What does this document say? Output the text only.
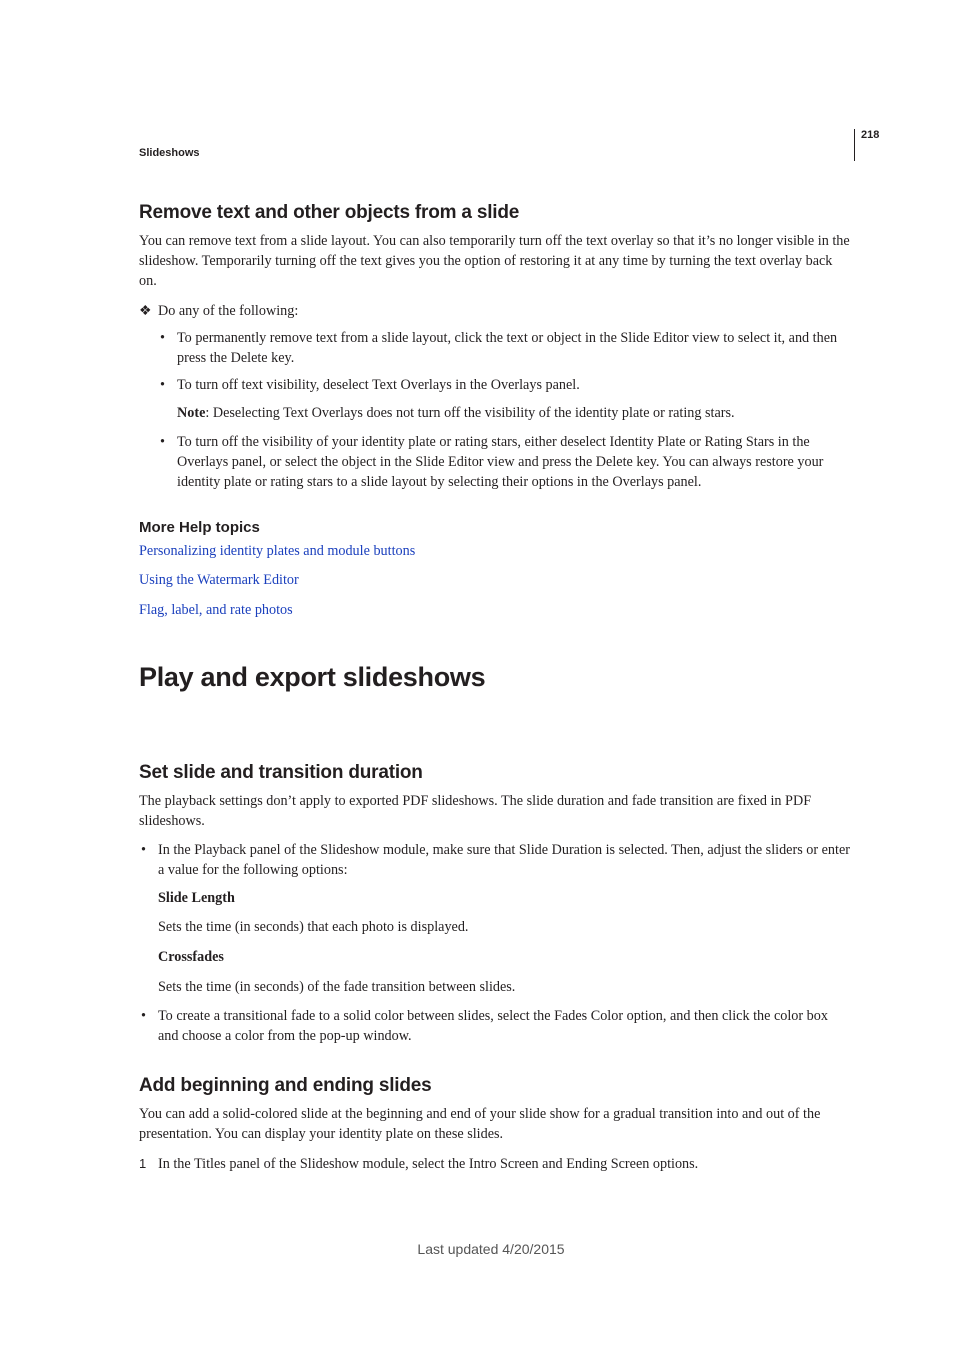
218
Slideshows
Remove text and other objects from a slide
You can remove text from a slide layout. You can also temporarily turn off the text overlay so that it’s no longer visible in the slideshow. Temporarily turning off the text gives you the option of restoring it at any time by turning the text overlay back on.
❖ Do any of the following:
• To permanently remove text from a slide layout, click the text or object in the Slide Editor view to select it, and then press the Delete key.
• To turn off text visibility, deselect Text Overlays in the Overlays panel.
Note: Deselecting Text Overlays does not turn off the visibility of the identity plate or rating stars.
• To turn off the visibility of your identity plate or rating stars, either deselect Identity Plate or Rating Stars in the Overlays panel, or select the object in the Slide Editor view and press the Delete key. You can always restore your identity plate or rating stars to a slide layout by selecting their options in the Overlays panel.
More Help topics
Personalizing identity plates and module buttons
Using the Watermark Editor
Flag, label, and rate photos
Play and export slideshows
Set slide and transition duration
The playback settings don’t apply to exported PDF slideshows. The slide duration and fade transition are fixed in PDF slideshows.
• In the Playback panel of the Slideshow module, make sure that Slide Duration is selected. Then, adjust the sliders or enter a value for the following options:
Slide Length
Sets the time (in seconds) that each photo is displayed.
Crossfades
Sets the time (in seconds) of the fade transition between slides.
• To create a transitional fade to a solid color between slides, select the Fades Color option, and then click the color box and choose a color from the pop-up window.
Add beginning and ending slides
You can add a solid-colored slide at the beginning and end of your slide show for a gradual transition into and out of the presentation. You can display your identity plate on these slides.
1 In the Titles panel of the Slideshow module, select the Intro Screen and Ending Screen options.
Last updated 4/20/2015
